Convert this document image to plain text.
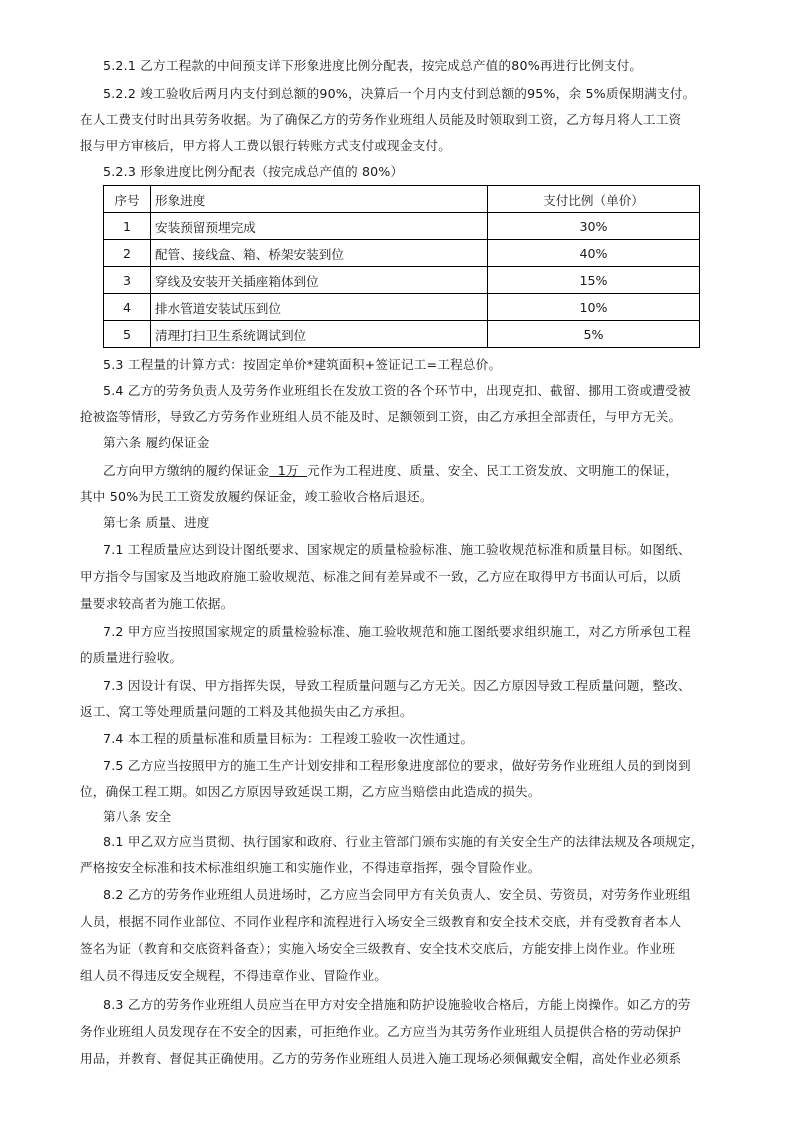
5.2.1 乙方工程款的中间预支详下形象进度比例分配表，按完成总产值的80%再进行比例支付。
5.2.2 竣工验收后两月内支付到总额的90%，决算后一个月内支付到总额的95%，余 5%质保期满支付。
在人工费支付时出具劳务收据。为了确保乙方的劳务作业班组人员能及时领取到工资，乙方每月将人工工资
报与甲方审核后，甲方将人工费以银行转账方式支付或现金支付。
5.2.3 形象进度比例分配表（按完成总产值的 80%）
序号	形象进度	支付比例（单价）
1	安装预留预埋完成	30%
2	配管、接线盒、箱、桥架安装到位	40%
3	穿线及安装开关插座箱体到位	15%
4	排水管道安装试压到位	10%
5	清理打扫卫生系统调试到位	5%
5.3 工程量的计算方式：按固定单价*建筑面积+签证记工=工程总价。
5.4 乙方的劳务负责人及劳务作业班组长在发放工资的各个环节中，出现克扣、截留、挪用工资或遭受被
抢被盗等情形，导致乙方劳务作业班组人员不能及时、足额领到工资，由乙方承担全部责任，与甲方无关。
第六条 履约保证金
乙方向甲方缴纳的履约保证金  1万  元作为工程进度、质量、安全、民工工资发放、文明施工的保证，
其中 50%为民工工资发放履约保证金，竣工验收合格后退还。
第七条 质量、进度
7.1 工程质量应达到设计图纸要求、国家规定的质量检验标准、施工验收规范标准和质量目标。如图纸、
甲方指令与国家及当地政府施工验收规范、标准之间有差异或不一致，乙方应在取得甲方书面认可后，以质
量要求较高者为施工依据。
7.2 甲方应当按照国家规定的质量检验标准、施工验收规范和施工图纸要求组织施工，对乙方所承包工程
的质量进行验收。
7.3 因设计有误、甲方指挥失误，导致工程质量问题与乙方无关。因乙方原因导致工程质量问题，整改、
返工、窝工等处理质量问题的工料及其他损失由乙方承担。
7.4 本工程的质量标准和质量目标为：工程竣工验收一次性通过。
7.5 乙方应当按照甲方的施工生产计划安排和工程形象进度部位的要求，做好劳务作业班组人员的到岗到
位，确保工程工期。如因乙方原因导致延误工期，乙方应当赔偿由此造成的损失。
第八条 安全
8.1 甲乙双方应当贯彻、执行国家和政府、行业主管部门颁布实施的有关安全生产的法律法规及各项规定，
严格按安全标准和技术标准组织施工和实施作业，不得违章指挥，强令冒险作业。
8.2 乙方的劳务作业班组人员进场时，乙方应当会同甲方有关负责人、安全员、劳资员，对劳务作业班组
人员，根据不同作业部位、不同作业程序和流程进行入场安全三级教育和安全技术交底，并有受教育者本人
签名为证（教育和交底资料备查）；实施入场安全三级教育、安全技术交底后，方能安排上岗作业。作业班
组人员不得违反安全规程，不得违章作业、冒险作业。
8.3 乙方的劳务作业班组人员应当在甲方对安全措施和防护设施验收合格后，方能上岗操作。如乙方的劳
务作业班组人员发现存在不安全的因素，可拒绝作业。乙方应当为其劳务作业班组人员提供合格的劳动保护
用品，并教育、督促其正确使用。乙方的劳务作业班组人员进入施工现场必须佩戴安全帽，高处作业必须系
